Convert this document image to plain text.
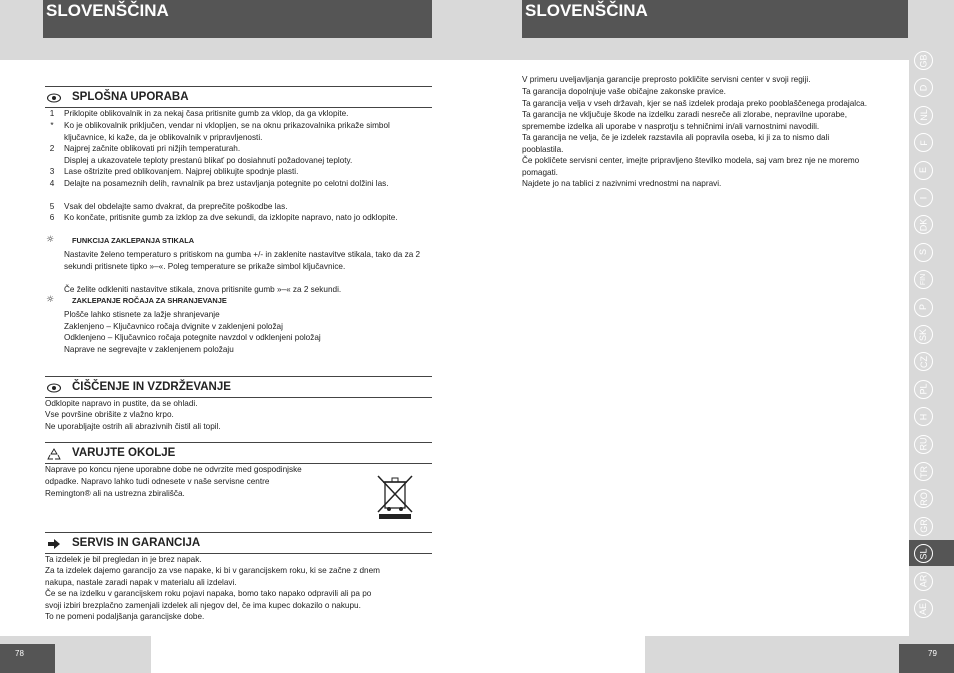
SLOVENŠČINA	SLOVENŠČINA
SPLOŠNA UPORABA
1	Priklopite oblikovalnik in za nekaj časa pritisnite gumb za vklop, da ga vklopite.
*	Ko je oblikovalnik priključen, vendar ni vklopljen, se na oknu prikazovalnika prikaže simbol ključavnice, ki kaže, da je oblikovalnik v pripravljenosti.
2	Najprej začnite oblikovati pri nižjih temperaturah.
Displej a ukazovatele teploty prestanú blikať po dosiahnutí požadovanej teploty.
3	Lase oštrizite pred oblikovanjem. Najprej oblikujte spodnje plasti.
4	Delajte na posameznih delih, ravnalnik pa brez ustavljanja potegnite po celotni dolžini las.
5	Vsak del obdelajte samo dvakrat, da preprečite poškodbe las.
6	Ko končate, pritisnite gumb za izklop za dve sekundi, da izklopite napravo, nato jo odklopite.
☼ FUNKCIJA ZAKLEPANJA STIKALA
Nastavite želeno temperaturo s pritiskom na gumba +/- in zaklenite nastavitve stikala, tako da za 2 sekundi pritisnete tipko »–«. Poleg temperature se prikaže simbol ključavnice.
Če želite odkleniti nastavitve stikala, znova pritisnite gumb »–« za 2 sekundi.
☼ ZAKLEPANJE ROČAJA ZA SHRANJEVANJE
Plošče lahko stisnete za lažje shranjevanje
Zaklenjeno – Ključavnico ročaja dvignite v zaklenjeni položaj
Odklenjeno – Ključavnico ročaja potegnite navzdol v odklenjeni položaj
Naprave ne segrevajte v zaklenjenem položaju
ČIŠČENJE IN VZDRŽEVANJE
Odklopite napravo in pustite, da se ohladi.
Vse površine obrišite z vlažno krpo.
Ne uporabljajte ostrih ali abrazivnih čistil ali topil.
VARUJTE OKOLJE
Naprave po koncu njene uporabne dobe ne odvrzite med gospodinjske
odpadke. Napravo lahko tudi odnesete v naše servisne centre
Remington® ali na ustrezna zbirališča.
SERVIS IN GARANCIJA
Ta izdelek je bil pregledan in je brez napak.
Za ta izdelek dajemo garancijo za vse napake, ki bi v garancijskem roku, ki se začne z dnem
nakupa, nastale zaradi napak v materialu ali izdelavi.
Če se na izdelku v garancijskem roku pojavi napaka, bomo tako napako odpravili ali pa po
svoji izbiri brezplačno zamenjali izdelek ali njegov del, če ima kupec dokazilo o nakupu.
To ne pomeni podaljšanja garancijske dobe.
V primeru uveljavljanja garancije preprosto pokličite servisni center v svoji regiji.
Ta garancija dopolnjuje vaše običajne zakonske pravice.
Ta garancija velja v vseh državah, kjer se naš izdelek prodaja preko pooblaščenega prodajalca.
Ta garancija ne vključuje škode na izdelku zaradi nesreče ali zlorabe, nepravilne uporabe,
spremembe izdelka ali uporabe v nasprotju s tehničnimi in/ali varnostnimi navodili.
Ta garancija ne velja, če je izdelek razstavila ali popravila oseba, ki ji za to nismo dali
pooblastila.
Če pokličete servisni center, imejte pripravljeno številko modela, saj vam brez nje ne moremo
pomagati.
Najdete jo na tablici z nazivnimi vrednostmi na napravi.
GB
D
NL
F
E
I
DK
S
FIN
P
SK
CZ
PL
H
RU
TR
RO
GR
SL
AR
AE
78	79
